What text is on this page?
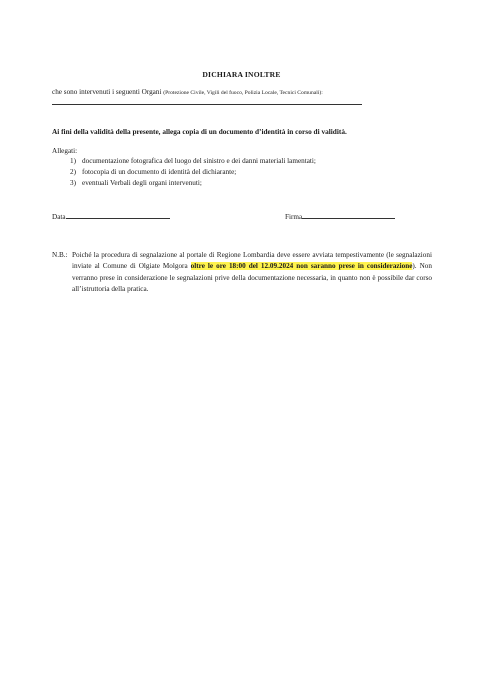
DICHIARA INOLTRE
che sono intervenuti i seguenti Organi (Protezione Civile, Vigili del fuoco, Polizia Locale, Tecnici Comunali):
Ai fini della validità della presente, allega copia di un documento d’identità in corso di validità.
Allegati:
1) documentazione fotografica del luogo del sinistro e dei danni materiali lamentati;
2) fotocopia di un documento di identità del dichiarante;
3) eventuali Verbali degli organi intervenuti;
Data	Firma
N.B.: Poiché la procedura di segnalazione al portale di Regione Lombardia deve essere avviata tempestivamente (le segnalazioni inviate al Comune di Olgiate Molgora oltre le ore 18:00 del 12.09.2024 non saranno prese in considerazione). Non verranno prese in considerazione le segnalazioni prive della documentazione necessaria, in quanto non è possibile dar corso all’istruttoria della pratica.
